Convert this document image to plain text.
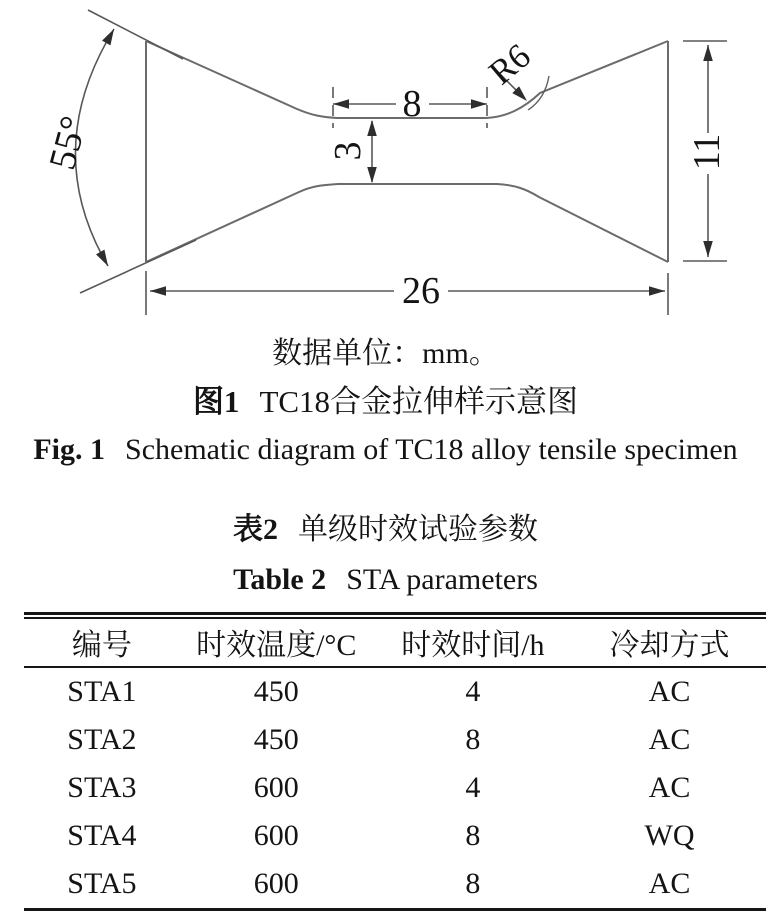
8
3
R6
55°	11
26
数据单位：mm。
图1 TC18合金拉伸样示意图
Fig. 1 Schematic diagram of TC18 alloy tensile specimen
表2 单级时效试验参数
Table 2 STA parameters
编号	时效温度/°C	时效时间/h	冷却方式
STA1	450	4	AC
STA2	450	8	AC
STA3	600	4	AC
STA4	600	8	WQ
STA5	600	8	AC
